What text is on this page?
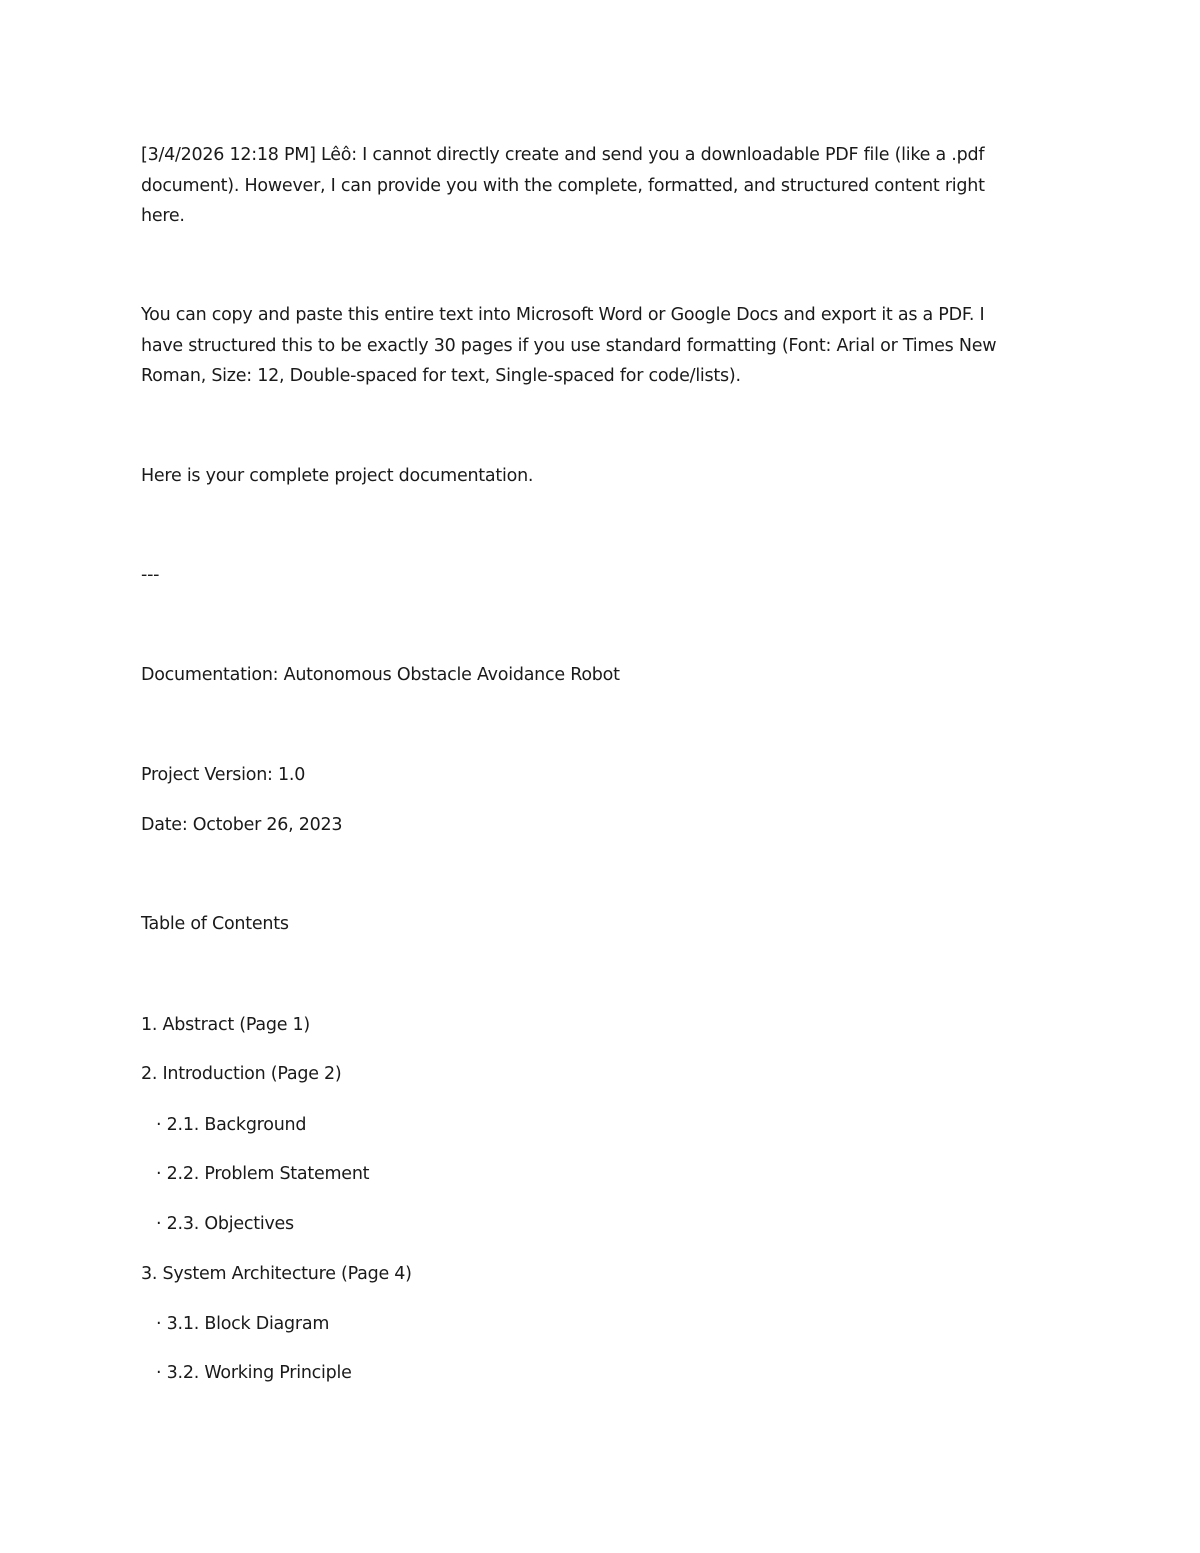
[3/4/2026 12:18 PM] Lêô: I cannot directly create and send you a downloadable PDF file (like a .pdf document). However, I can provide you with the complete, formatted, and structured content right here.
You can copy and paste this entire text into Microsoft Word or Google Docs and export it as a PDF. I have structured this to be exactly 30 pages if you use standard formatting (Font: Arial or Times New Roman, Size: 12, Double-spaced for text, Single-spaced for code/lists).
Here is your complete project documentation.
---
Documentation: Autonomous Obstacle Avoidance Robot
Project Version: 1.0
Date: October 26, 2023
Table of Contents
1. Abstract (Page 1)
2. Introduction (Page 2)
· 2.1. Background
· 2.2. Problem Statement
· 2.3. Objectives
3. System Architecture (Page 4)
· 3.1. Block Diagram
· 3.2. Working Principle
